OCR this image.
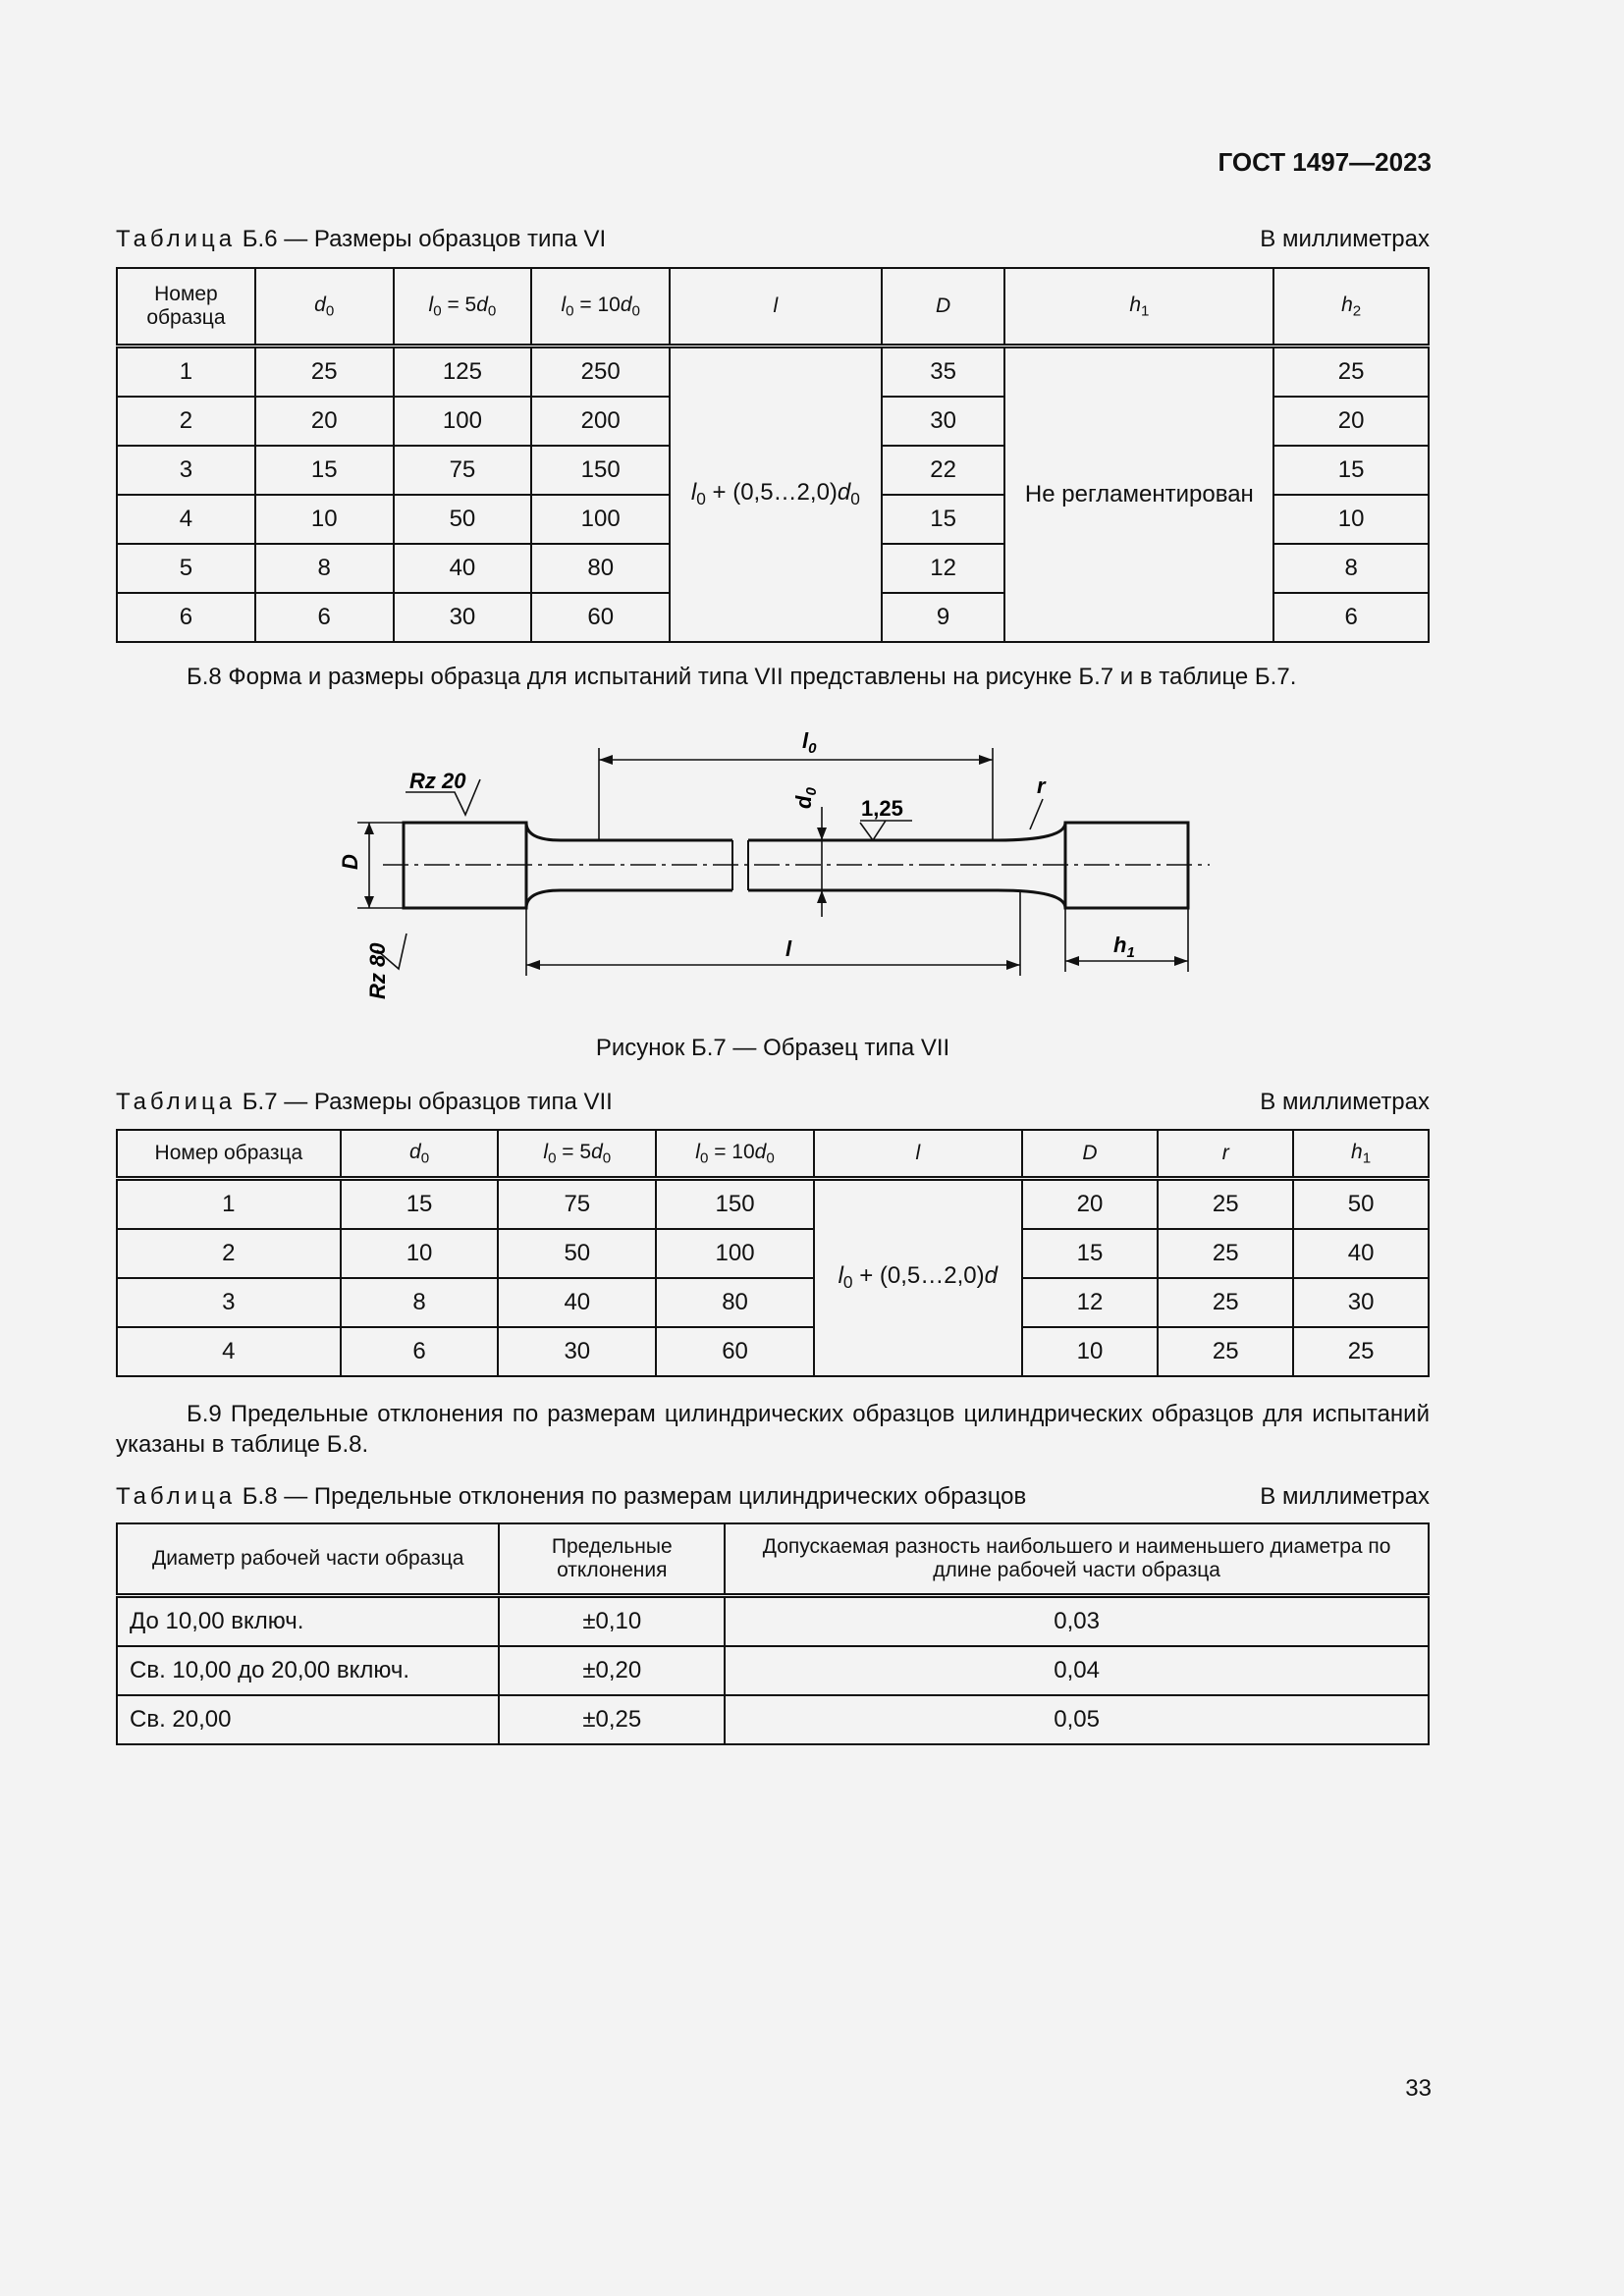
ГОСТ 1497—2023
Таблица Б.6 — Размеры образцов типа VI	В миллиметрах
Номер образца	$d_0$	$l_0 = 5d_0$	$l_0 = 10d_0$	l	D	$h_1$	$h_2$
1	25	125	250	$l_0$ + $(0,5\dots 2,0)d_0$	35	Не регламентирован	25
2	20	100	200		30		20
3	15	75	150		22		15
4	10	50	100		15		10
5	8	40	80		12		8
6	6	30	60		9		6
Б.8 Форма и размеры образца для испытаний типа VII представлены на рисунке Б.7 и в таблице Б.7.
Rz 20
Rz 80
D
$d_0$
$l_0$
1,25
r
l	$h_1$
Рисунок Б.7 — Образец типа VII
Таблица Б.7 — Размеры образцов типа VII	В миллиметрах
Номер образца	$d_0$	$l_0 = 5d_0$	$l_0 = 10d_0$	l	D	r	$h_1$
1	15	75	150	$l_0$ + (0,5…2,0)d	20	25	50
2	10	50	100		15	25	40
3	8	40	80		12	25	30
4	6	30	60		10	25	25
Б.9 Предельные отклонения по размерам цилиндрических образцов цилиндрических образцов для испытаний указаны в таблице Б.8.
Таблица Б.8 — Предельные отклонения по размерам цилиндрических образцов	В миллиметрах
Диаметр рабочей части образца	Предельные отклонения	Допускаемая разность наибольшего и наименьшего диаметра по длине рабочей части образца
До 10,00 включ.	±0,10	0,03
Св. 10,00 до 20,00 включ.	±0,20	0,04
Св. 20,00	±0,25	0,05
33
